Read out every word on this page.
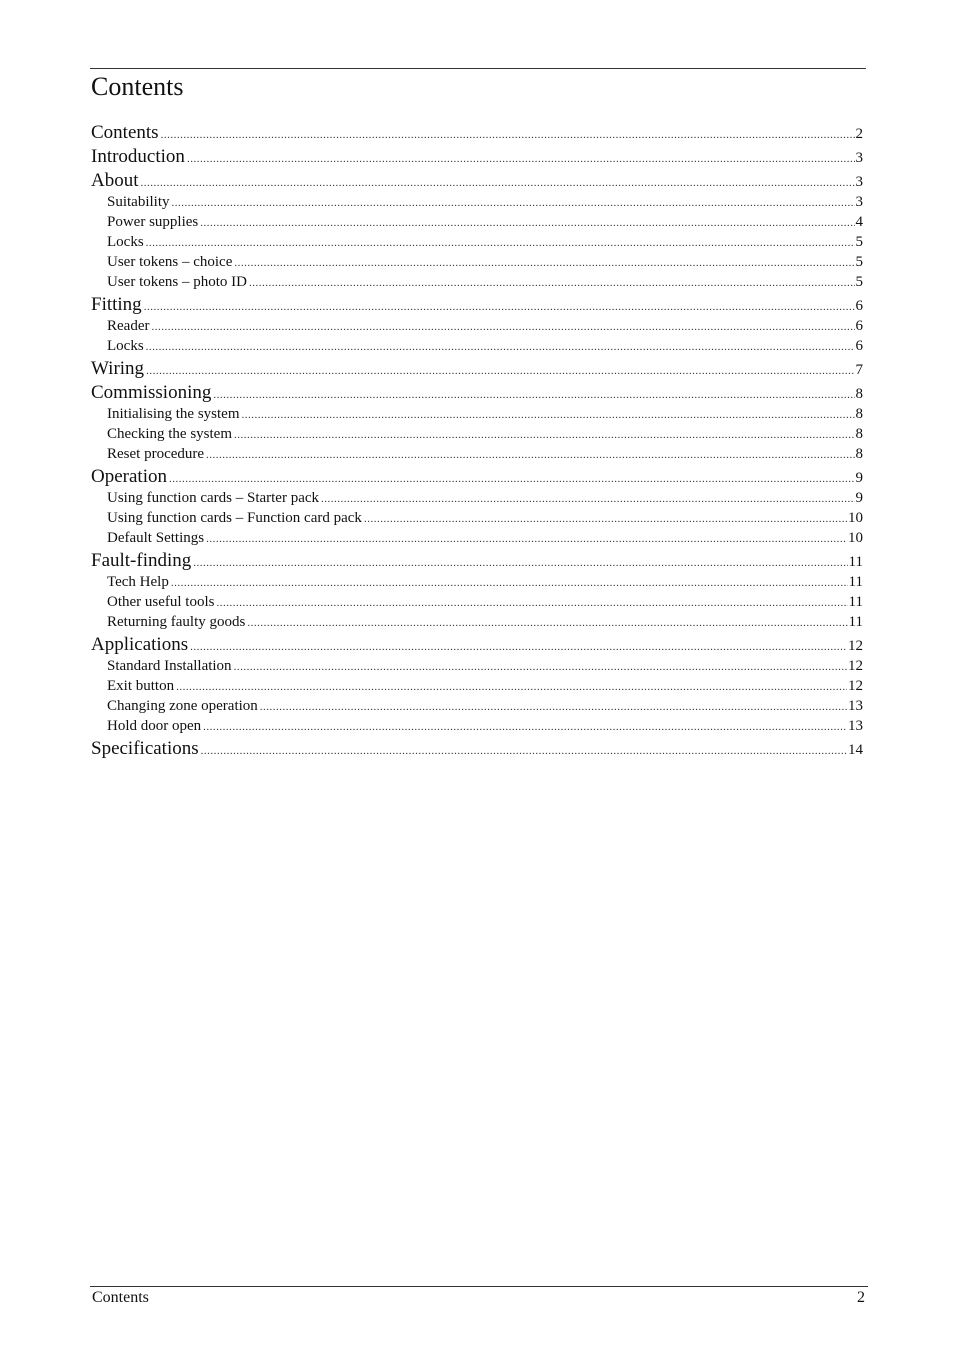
Contents
Contents .....	2
Introduction .....	3
About .....	3
Suitability .....	3
Power supplies .....	4
Locks .....	5
User tokens – choice .....	5
User tokens – photo ID .....	5
Fitting .....	6
Reader .....	6
Locks .....	6
Wiring .....	7
Commissioning .....	8
Initialising the system .....	8
Checking the system .....	8
Reset procedure .....	8
Operation .....	9
Using function cards – Starter pack .....	9
Using function cards – Function card pack .....	10
Default Settings .....	10
Fault-finding .....	11
Tech Help .....	11
Other useful tools .....	11
Returning faulty goods .....	11
Applications .....	12
Standard Installation .....	12
Exit button .....	12
Changing zone operation .....	13
Hold door open .....	13
Specifications .....	14
Contents	2
